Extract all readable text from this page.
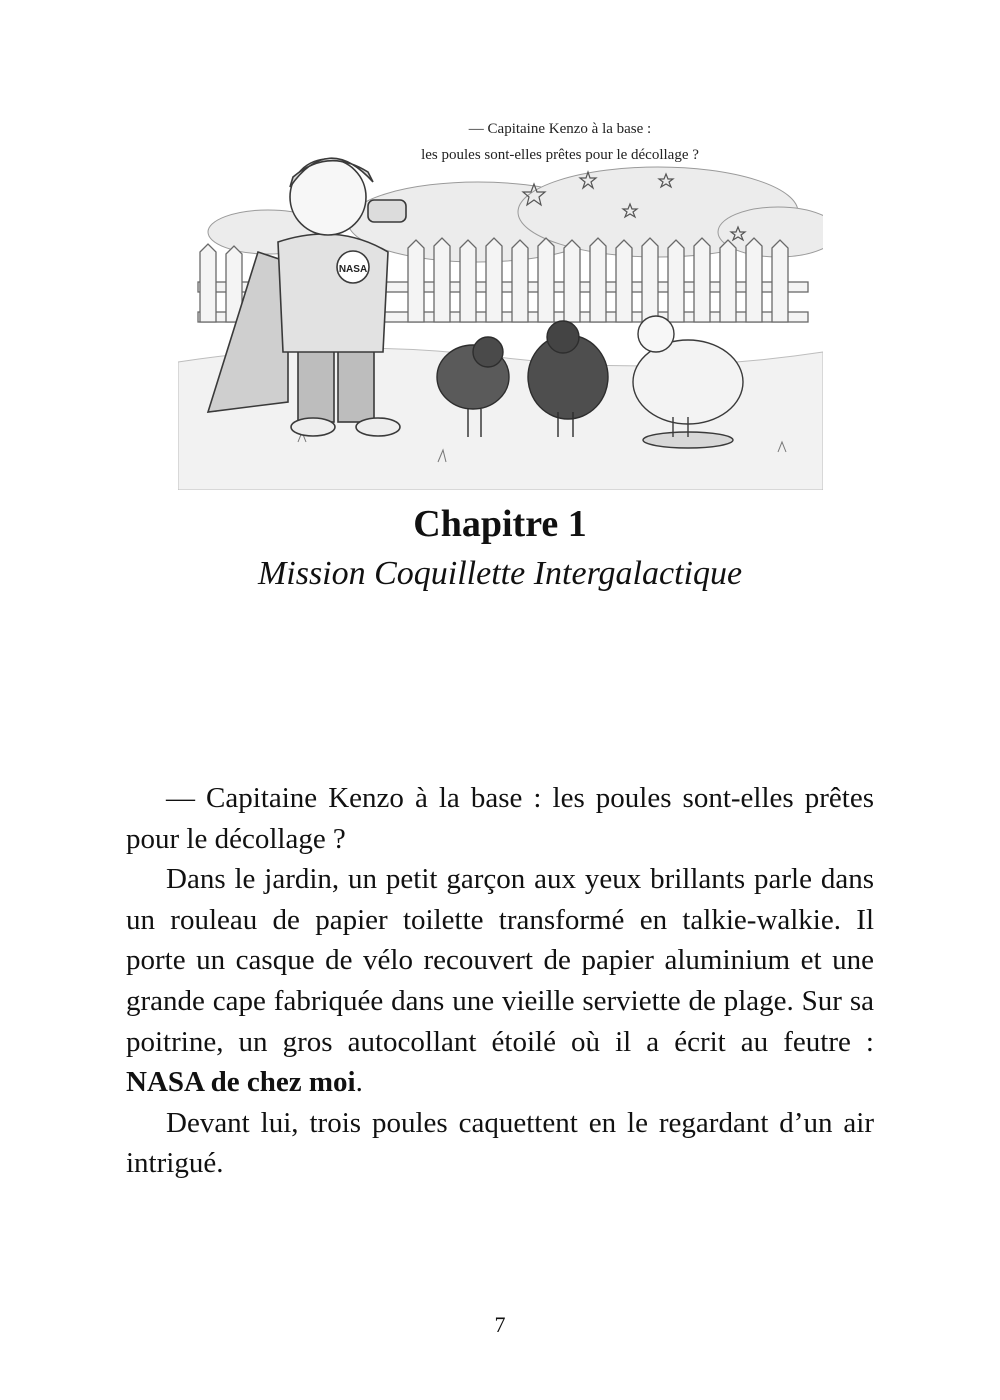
NASA
— Capitaine Kenzo à la base :
les poules sont-elles prêtes pour le décollage ?
Chapitre 1
Mission Coquillette Intergalactique

— Capitaine Kenzo à la base : les poules sont-elles prêtes pour le décollage ?

Dans le jardin, un petit garçon aux yeux brillants parle dans un rouleau de papier toilette transformé en talkie-walkie. Il porte un casque de vélo recouvert de papier aluminium et une grande cape fabriquée dans une vieille serviette de plage. Sur sa poitrine, un gros autocollant étoilé où il a écrit au feutre : NASA de chez moi.

Devant lui, trois poules caquettent en le regardant d’un air intrigué.

7
